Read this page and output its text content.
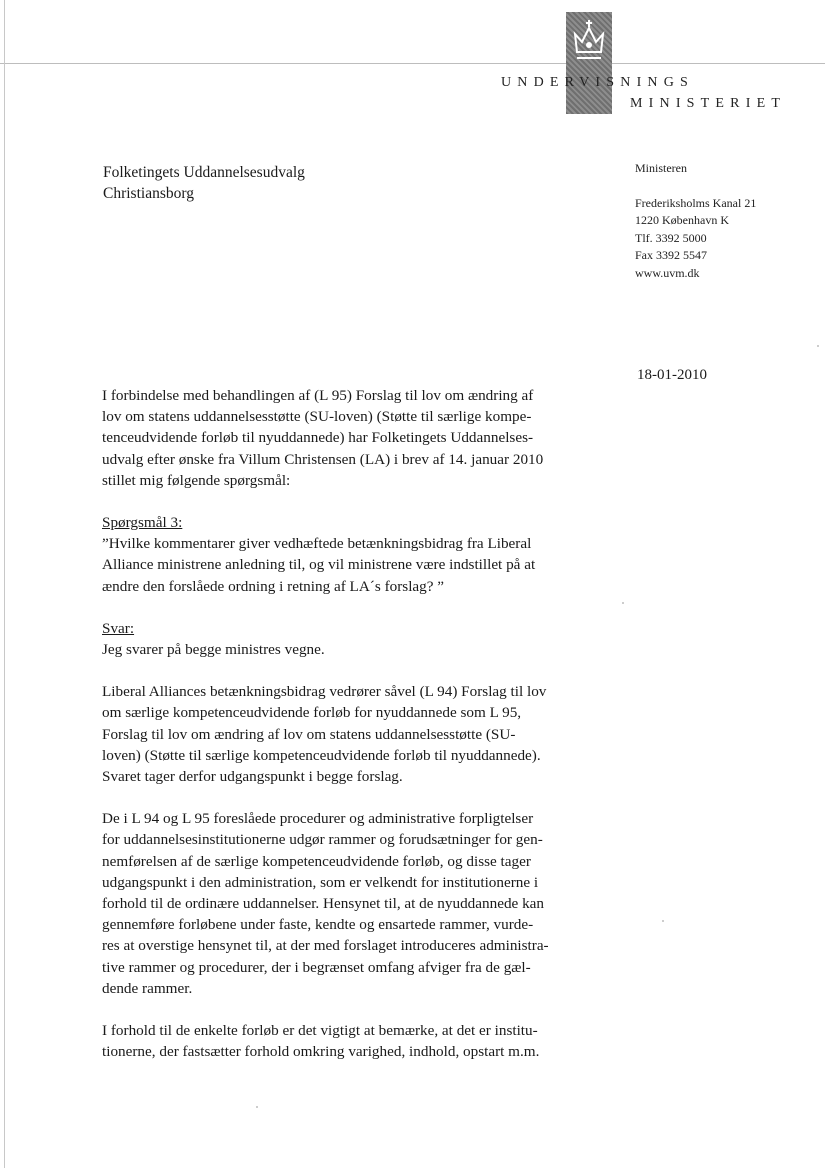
UNDERVISNINGS
MINISTERIET
Folketingets Uddannelsesudvalg
Christiansborg
Ministeren
Frederiksholms Kanal 21
1220 København K
Tlf. 3392 5000
Fax 3392 5547
www.uvm.dk
18-01-2010

I forbindelse med behandlingen af (L 95) Forslag til lov om ændring af

lov om statens uddannelsesstøtte (SU-loven) (Støtte til særlige kompe-

tenceudvidende forløb til nyuddannede) har Folketingets Uddannelses-

udvalg efter ønske fra Villum Christensen (LA) i brev af 14. januar 2010

stillet mig følgende spørgsmål:

Spørgsmål 3:

”Hvilke kommentarer giver vedhæftede betænkningsbidrag fra Liberal

Alliance ministrene anledning til, og vil ministrene være indstillet på at

ændre den forslåede ordning i retning af LA´s forslag? ”

Svar:

Jeg svarer på begge ministres vegne.

Liberal Alliances betænkningsbidrag vedrører såvel (L 94) Forslag til lov

om særlige kompetenceudvidende forløb for nyuddannede som L 95,

Forslag til lov om ændring af lov om statens uddannelsesstøtte (SU-

loven) (Støtte til særlige kompetenceudvidende forløb til nyuddannede).

Svaret tager derfor udgangspunkt i begge forslag.

De i L 94 og L 95 foreslåede procedurer og administrative forpligtelser

for uddannelsesinstitutionerne udgør rammer og forudsætninger for gen-

nemførelsen af de særlige kompetenceudvidende forløb, og disse tager

udgangspunkt i den administration, som er velkendt for institutionerne i

forhold til de ordinære uddannelser. Hensynet til, at de nyuddannede kan

gennemføre forløbene under faste, kendte og ensartede rammer, vurde-

res at overstige hensynet til, at der med forslaget introduceres administra-

tive rammer og procedurer, der i begrænset omfang afviger fra de gæl-

dende rammer.

I forhold til de enkelte forløb er det vigtigt at bemærke, at det er institu-

tionerne, der fastsætter forhold omkring varighed, indhold, opstart m.m.
